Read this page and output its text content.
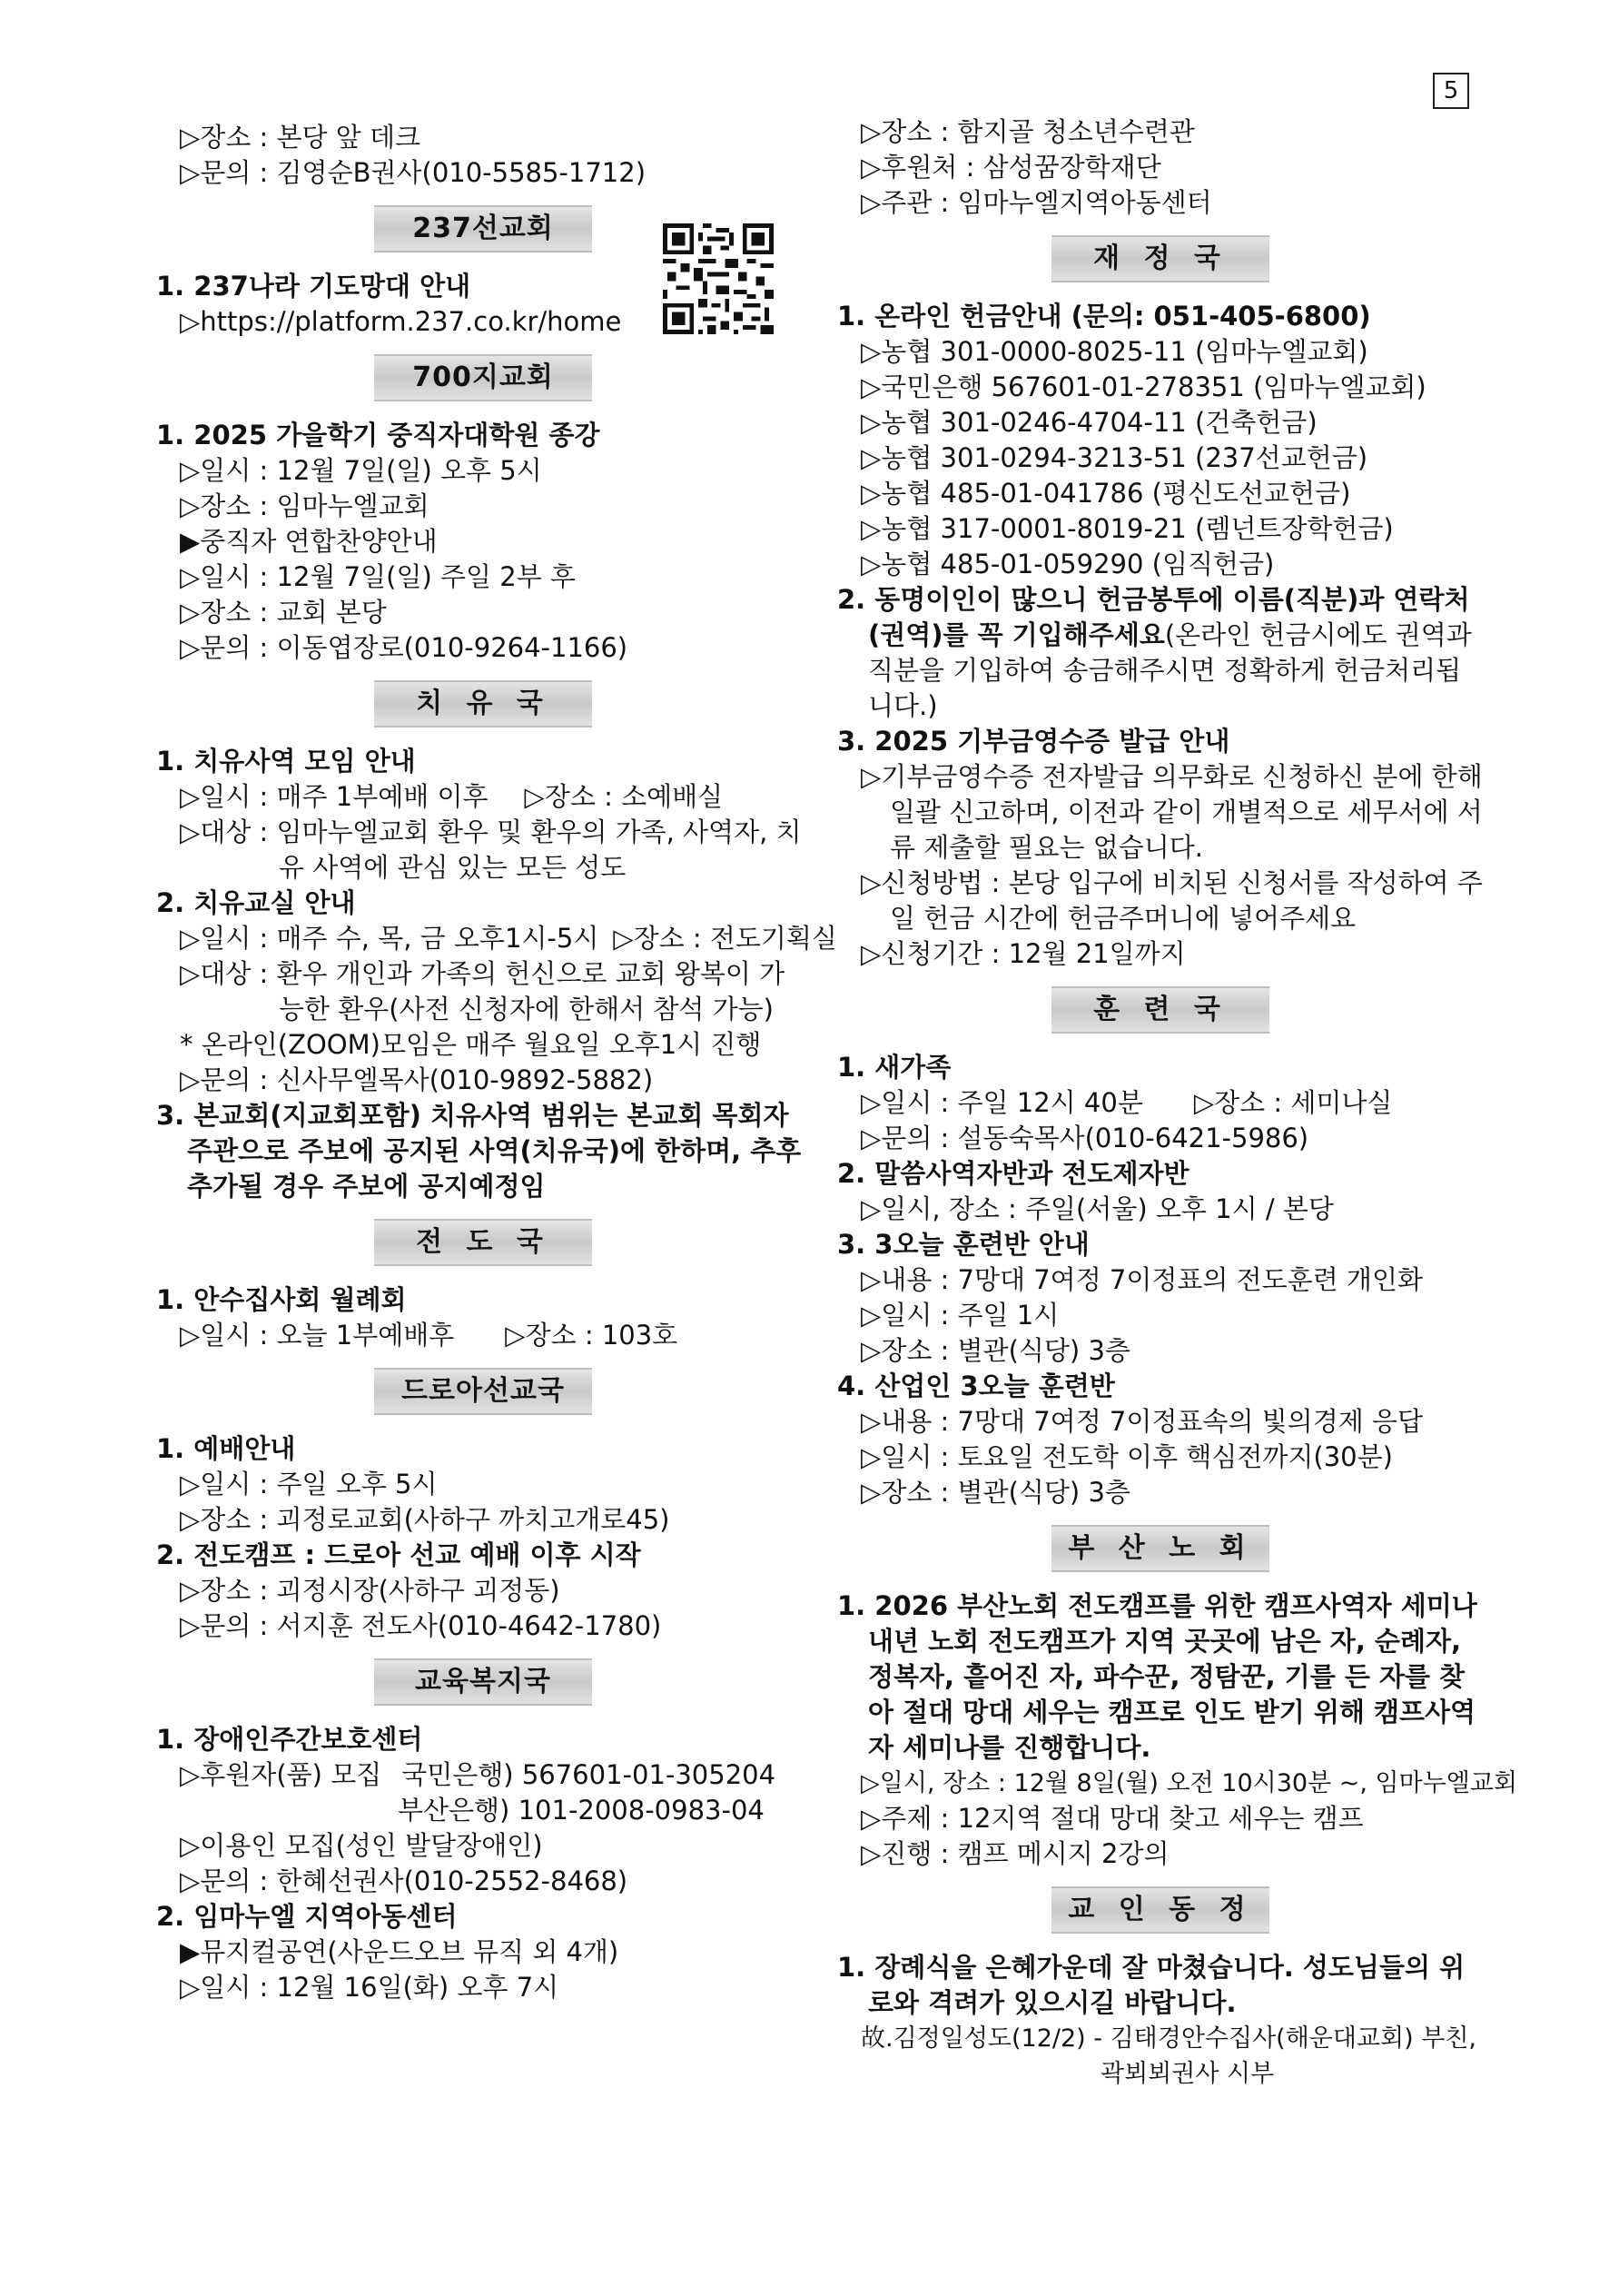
5
▷장소 : 본당 앞 데크
▷문의 : 김영순B권사(010-5585-1712)
237선교회
1. 237나라 기도망대 안내
▷https://platform.237.co.kr/home
700지교회
1. 2025 가을학기 중직자대학원 종강
▷일시 : 12월 7일(일) 오후 5시
▷장소 : 임마누엘교회
▶중직자 연합찬양안내
▷일시 : 12월 7일(일) 주일 2부 후
▷장소 : 교회 본당
▷문의 : 이동엽장로(010-9264-1166)
치 유 국
1. 치유사역 모임 안내
▷일시 : 매주 1부예배 이후 ▷장소 : 소예배실
▷대상 : 임마누엘교회 환우 및 환우의 가족, 사역자, 치유 사역에 관심 있는 모든 성도
2. 치유교실 안내
▷일시 : 매주 수, 목, 금 오후1시-5시 ▷장소 : 전도기획실
▷대상 : 환우 개인과 가족의 헌신으로 교회 왕복이 가능한 환우(사전 신청자에 한해서 참석 가능)
* 온라인(ZOOM)모임은 매주 월요일 오후1시 진행
▷문의 : 신사무엘목사(010-9892-5882)
3. 본교회(지교회포함) 치유사역 범위는 본교회 목회자 주관으로 주보에 공지된 사역(치유국)에 한하며, 추후 추가될 경우 주보에 공지예정임
전 도 국
1. 안수집사회 월례회
▷일시 : 오늘 1부예배후 ▷장소 : 103호
드로아선교국
1. 예배안내
▷일시 : 주일 오후 5시
▷장소 : 괴정로교회(사하구 까치고개로45)
2. 전도캠프 : 드로아 선교 예배 이후 시작
▷장소 : 괴정시장(사하구 괴정동)
▷문의 : 서지훈 전도사(010-4642-1780)
교육복지국
1. 장애인주간보호센터
▷후원자(품) 모집 국민은행) 567601-01-305204
부산은행) 101-2008-0983-04
▷이용인 모집(성인 발달장애인)
▷문의 : 한혜선권사(010-2552-8468)
2. 임마누엘 지역아동센터
▶뮤지컬공연(사운드오브 뮤직 외 4개)
▷일시 : 12월 16일(화) 오후 7시
▷장소 : 함지골 청소년수련관
▷후원처 : 삼성꿈장학재단
▷주관 : 임마누엘지역아동센터
재 정 국
1. 온라인 헌금안내 (문의: 051-405-6800)
▷농협 301-0000-8025-11 (임마누엘교회)
▷국민은행 567601-01-278351 (임마누엘교회)
▷농협 301-0246-4704-11 (건축헌금)
▷농협 301-0294-3213-51 (237선교헌금)
▷농협 485-01-041786 (평신도선교헌금)
▷농협 317-0001-8019-21 (렘넌트장학헌금)
▷농협 485-01-059290 (임직헌금)
2. 동명이인이 많으니 헌금봉투에 이름(직분)과 연락처(권역)를 꼭 기입해주세요(온라인 헌금시에도 권역과 직분을 기입하여 송금해주시면 정확하게 헌금처리됩니다.)
3. 2025 기부금영수증 발급 안내
▷기부금영수증 전자발급 의무화로 신청하신 분에 한해 일괄 신고하며, 이전과 같이 개별적으로 세무서에 서류 제출할 필요는 없습니다.
▷신청방법 : 본당 입구에 비치된 신청서를 작성하여 주일 헌금 시간에 헌금주머니에 넣어주세요
▷신청기간 : 12월 21일까지
훈 련 국
1. 새가족
▷일시 : 주일 12시 40분 ▷장소 : 세미나실
▷문의 : 설동숙목사(010-6421-5986)
2. 말씀사역자반과 전도제자반
▷일시, 장소 : 주일(서울) 오후 1시 / 본당
3. 3오늘 훈련반 안내
▷내용 : 7망대 7여정 7이정표의 전도훈련 개인화
▷일시 : 주일 1시
▷장소 : 별관(식당) 3층
4. 산업인 3오늘 훈련반
▷내용 : 7망대 7여정 7이정표속의 빛의경제 응답
▷일시 : 토요일 전도학 이후 핵심전까지(30분)
▷장소 : 별관(식당) 3층
부 산 노 회
1. 2026 부산노회 전도캠프를 위한 캠프사역자 세미나 내년 노회 전도캠프가 지역 곳곳에 남은 자, 순례자, 정복자, 흩어진 자, 파수꾼, 정탐꾼, 기를 든 자를 찾아 절대 망대 세우는 캠프로 인도 받기 위해 캠프사역자 세미나를 진행합니다.
▷일시, 장소 : 12월 8일(월) 오전 10시30분 ~, 임마누엘교회
▷주제 : 12지역 절대 망대 찾고 세우는 캠프
▷진행 : 캠프 메시지 2강의
교 인 동 정
1. 장례식을 은혜가운데 잘 마쳤습니다. 성도님들의 위로와 격려가 있으시길 바랍니다.
故.김정일성도(12/2) - 김태경안수집사(해운대교회) 부친,
곽뵈뵈권사 시부
